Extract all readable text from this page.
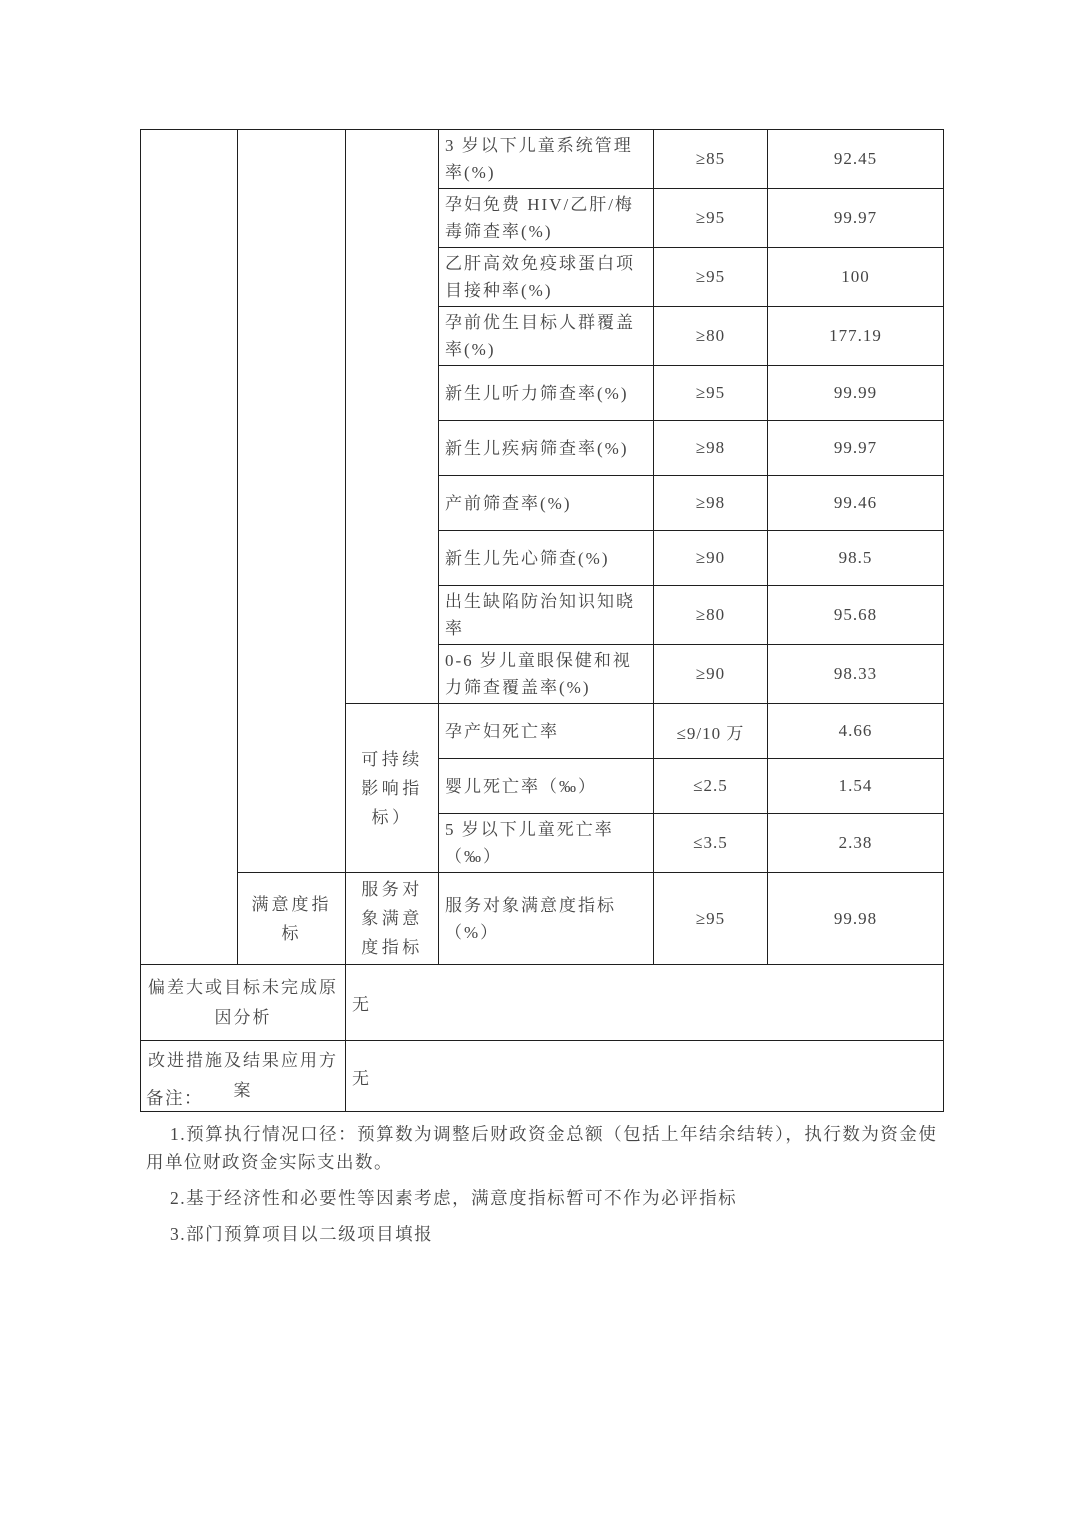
			3 岁以下儿童系统管理率(%)	≥85	92.45
			孕妇免费 HIV/乙肝/梅毒筛查率(%)	≥95	99.97
			乙肝高效免疫球蛋白项目接种率(%)	≥95	100
			孕前优生目标人群覆盖率(%)	≥80	177.19
			新生儿听力筛查率(%)	≥95	99.99
			新生儿疾病筛查率(%)	≥98	99.97
			产前筛查率(%)	≥98	99.46
			新生儿先心筛查(%)	≥90	98.5
			出生缺陷防治知识知晓率	≥80	95.68
			0-6 岁儿童眼保健和视力筛查覆盖率(%)	≥90	98.33
		可持续影响指标）	孕产妇死亡率	≤9/10 万	4.66
			婴儿死亡率（‰）	≤2.5	1.54
			5 岁以下儿童死亡率（‰）	≤3.5	2.38
	满意度指标	服务对象满意度指标	服务对象满意度指标（%）	≥95	99.98
偏差大或目标未完成原因分析		无			
改进措施及结果应用方案		无			

备注：

1.预算执行情况口径：预算数为调整后财政资金总额（包括上年结余结转），执行数为资金使用单位财政资金实际支出数。

2.基于经济性和必要性等因素考虑，满意度指标暂可不作为必评指标

3.部门预算项目以二级项目填报
